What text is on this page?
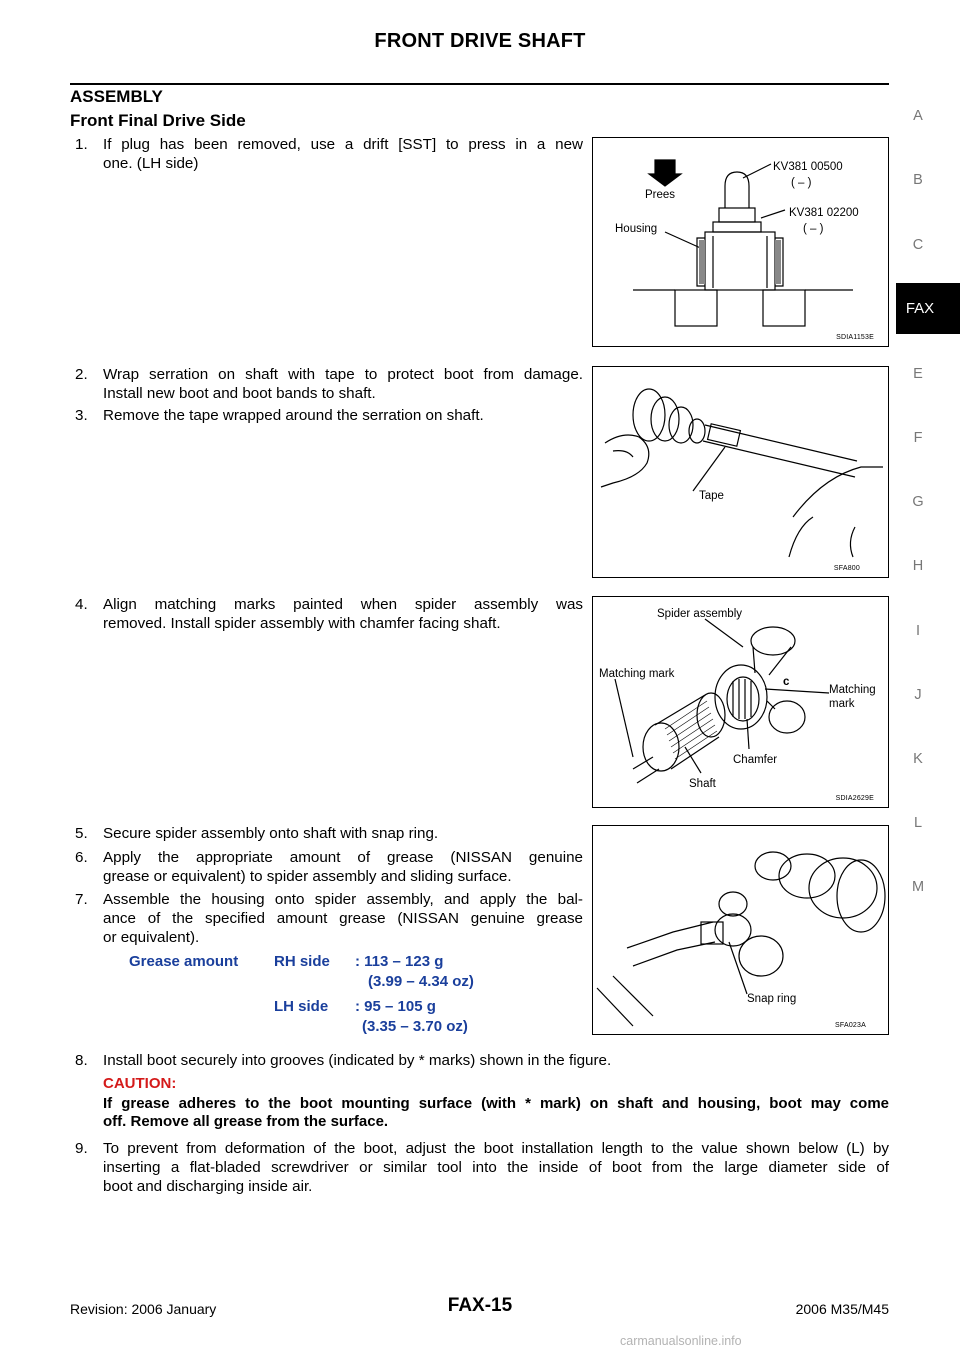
FRONT DRIVE SHAFT
ASSEMBLY
Front Final Drive Side
1. If plug has been removed, use a drift [SST] to press in a new
one. (LH side)
2. Wrap serration on shaft with tape to protect boot from damage.
Install new boot and boot bands to shaft.
3. Remove the tape wrapped around the serration on shaft.
4. Align matching marks painted when spider assembly was
removed. Install spider assembly with chamfer facing shaft.
5. Secure spider assembly onto shaft with snap ring.
6. Apply the appropriate amount of grease (NISSAN genuine
grease or equivalent) to spider assembly and sliding surface.
7. Assemble the housing onto spider assembly, and apply the bal-
ance of the specified amount grease (NISSAN genuine grease
or equivalent).
Grease amount RH side : 113 – 123 g
(3.99 – 4.34 oz)
LH side : 95 – 105 g
(3.35 – 3.70 oz)
8. Install boot securely into grooves (indicated by * marks) shown in the figure.
CAUTION:
If grease adheres to the boot mounting surface (with * mark) on shaft and housing, boot may come
off. Remove all grease from the surface.
9. To prevent from deformation of the boot, adjust the boot installation length to the value shown below (L) by
inserting a flat-bladed screwdriver or similar tool into the inside of boot from the large diameter side of
boot and discharging inside air.
Prees
KV381 00500
( – )
KV381 02200
( – )
Housing
SDIA1153E
Tape
SFA800
Spider assembly
Matching mark
Matching
mark
Chamfer
Shaft
c
SDIA2629E
Snap ring
SFA023A
A
B
C
FAX
E
F
G
H
I
J
K
L
M
Revision: 2006 January	FAX-15	2006 M35/M45
carmanualsonline.info
